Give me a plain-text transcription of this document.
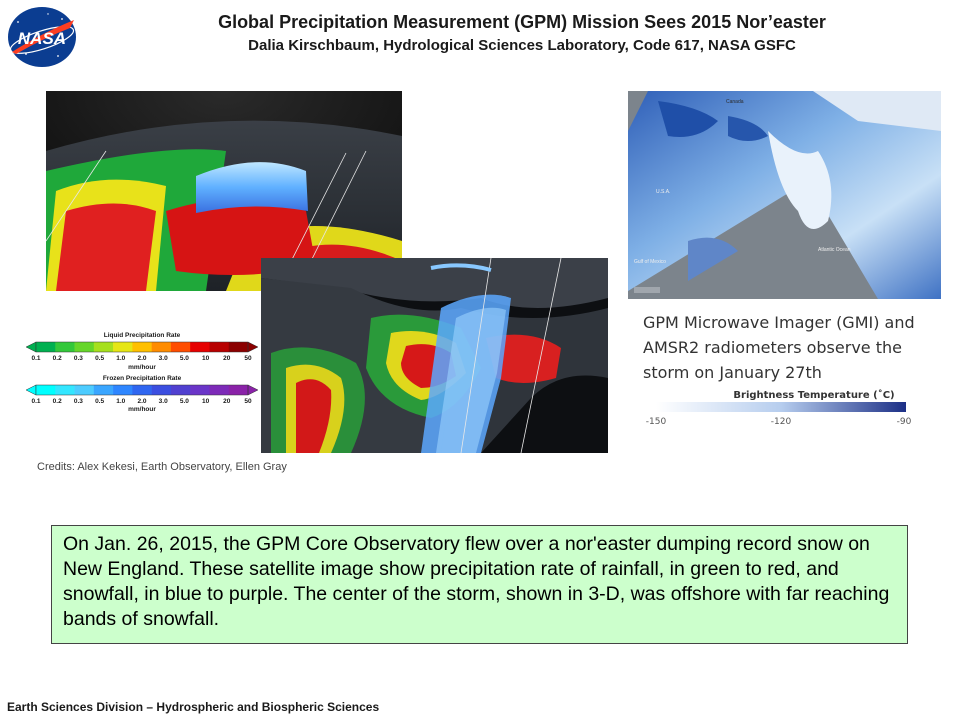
NASA
Global Precipitation Measurement (GPM) Mission Sees 2015 Nor’easter
Dalia Kirschbaum, Hydrological Sciences Laboratory, Code 617, NASA GSFC
Canada
U.S.A.
Gulf of Mexico
Atlantic Ocean
Liquid Precipitation Rate
0.1 0.2 0.3 0.5 1.0 2.0 3.0 5.0 10 20 50
mm/hour
Frozen Precipitation Rate
0.1 0.2 0.3 0.5 1.0 2.0 3.0 5.0 10 20 50
mm/hour
Credits: Alex Kekesi, Earth Observatory, Ellen Gray
GPM Microwave Imager (GMI) and AMSR2 radiometers observe the storm on January 27th
Brightness Temperature (˚C)
-150	-120	-90
On Jan. 26, 2015, the GPM Core Observatory flew over a nor'easter dumping record snow on New England. These satellite image show precipitation rate of rainfall, in green to red, and snowfall, in blue to purple. The center of the storm, shown in 3-D, was offshore with far reaching bands of snowfall.
Earth Sciences Division – Hydrospheric and Biospheric Sciences
